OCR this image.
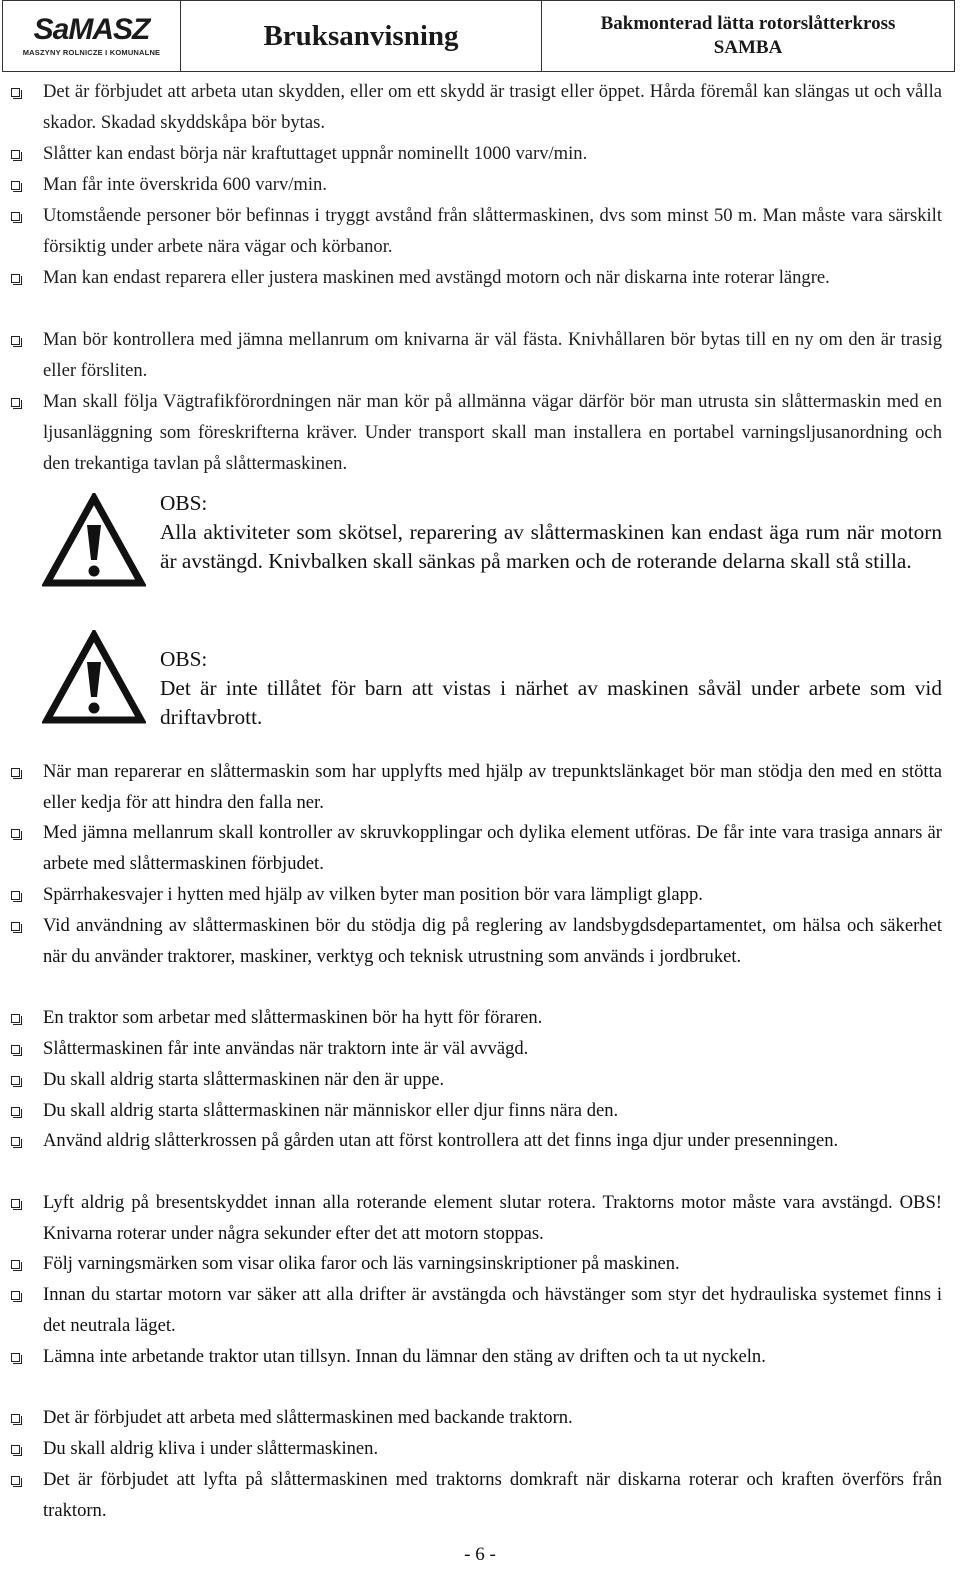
SaMASZ
MASZYNY ROLNICZE I KOMUNALNE
Bruksanvisning	Bakmonterad lätta rotorslåtterkross
SAMBA
Det är förbjudet att arbeta utan skydden, eller om ett skydd är trasigt eller öppet. Hårda föremål kan slängas ut och vålla skador. Skadad skyddskåpa bör bytas.
Slåtter kan endast börja när kraftuttaget uppnår nominellt 1000 varv/min.
Man får inte överskrida 600 varv/min.
Utomstående personer bör befinnas i tryggt avstånd från slåttermaskinen, dvs som minst 50 m. Man måste vara särskilt försiktig under arbete nära vägar och körbanor.
Man kan endast reparera eller justera maskinen med avstängd motorn och när diskarna inte roterar längre.
Man bör kontrollera med jämna mellanrum om knivarna är väl fästa. Knivhållaren bör bytas till en ny om den är trasig eller försliten.
Man skall följa Vägtrafikförordningen när man kör på allmänna vägar därför bör man utrusta sin slåttermaskin med en ljusanläggning som föreskrifterna kräver. Under transport skall man installera en portabel varningsljusanordning och den trekantiga tavlan på slåttermaskinen.
OBS:
Alla aktiviteter som skötsel, reparering av slåttermaskinen kan endast äga rum när motorn är avstängd. Knivbalken skall sänkas på marken och de roterande delarna skall stå stilla.
OBS:
Det är inte tillåtet för barn att vistas i närhet av maskinen såväl under arbete som vid driftavbrott.
När man reparerar en slåttermaskin som har upplyfts med hjälp av trepunktslänkaget bör man stödja den med en stötta eller kedja för att hindra den falla ner.
Med jämna mellanrum skall kontroller av skruvkopplingar och dylika element utföras. De får inte vara trasiga annars är arbete med slåttermaskinen förbjudet.
Spärrhakesvajer i hytten med hjälp av vilken byter man position bör vara lämpligt glapp.
Vid användning av slåttermaskinen bör du stödja dig på reglering av landsbygdsdepartamentet, om hälsa och säkerhet när du använder traktorer, maskiner, verktyg och teknisk utrustning som används i jordbruket.
En traktor som arbetar med slåttermaskinen bör ha hytt för föraren.
Slåttermaskinen får inte användas när traktorn inte är väl avvägd.
Du skall aldrig starta slåttermaskinen när den är uppe.
Du skall aldrig starta slåttermaskinen när människor eller djur finns nära den.
Använd aldrig slåtterkrossen på gården utan att först kontrollera att det finns inga djur under presenningen.
Lyft aldrig på bresentskyddet innan alla roterande element slutar rotera. Traktorns motor måste vara avstängd. OBS! Knivarna roterar under några sekunder efter det att motorn stoppas.
Följ varningsmärken som visar olika faror och läs varningsinskriptioner på maskinen.
Innan du startar motorn var säker att alla drifter är avstängda och hävstänger som styr det hydrauliska systemet finns i det neutrala läget.
Lämna inte arbetande traktor utan tillsyn. Innan du lämnar den stäng av driften och ta ut nyckeln.
Det är förbjudet att arbeta med slåttermaskinen med backande traktorn.
Du skall aldrig kliva i under slåttermaskinen.
Det är förbjudet att lyfta på slåttermaskinen med traktorns domkraft när diskarna roterar och kraften överförs från traktorn.
- 6 -
